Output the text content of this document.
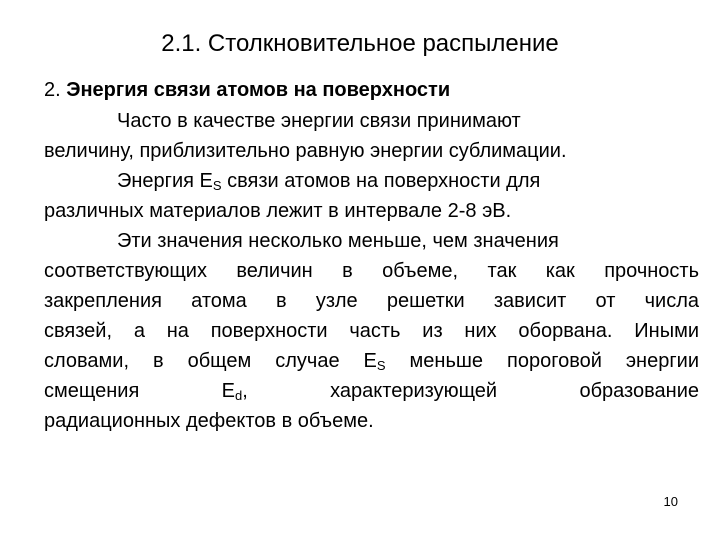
2.1. Столкновительное распыление
2. Энергия связи атомов на поверхности
Часто в качестве энергии связи принимают
величину, приблизительно равную энергии сублимации.
Энергия $E_S$ связи атомов на поверхности для
различных материалов лежит в интервале 2-8 эВ.
Эти значения несколько меньше, чем значения
соответствующих величин в объеме, так как прочность
закрепления атома в узле решетки зависит от числа
связей, а на поверхности часть из них оборвана. Иными
словами, в общем случае $E_S$ меньше пороговой энергии
смещения $E_d$, характеризующей образование
радиационных дефектов в объеме.
10
